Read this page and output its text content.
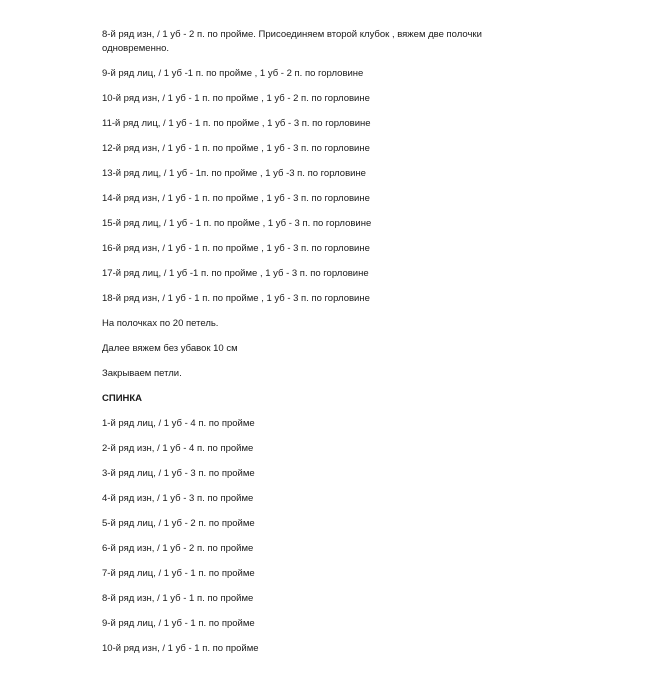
8-й ряд изн, / 1 уб - 2 п. по пройме. Присоединяем второй клубок , вяжем две полочки одновременно.
9-й ряд лиц, / 1 уб -1 п. по пройме , 1 уб - 2 п. по горловине
10-й ряд изн, / 1 уб - 1 п. по пройме , 1 уб - 2 п. по горловине
11-й ряд лиц, / 1 уб - 1 п. по пройме , 1 уб - 3 п. по горловине
12-й ряд изн, / 1 уб - 1 п. по пройме , 1 уб - 3 п. по горловине
13-й ряд лиц, / 1 уб - 1п. по пройме , 1 уб -3 п. по горловине
14-й ряд изн, / 1 уб - 1 п. по пройме , 1 уб - 3 п. по горловине
15-й ряд лиц, / 1 уб - 1 п. по пройме , 1 уб - 3 п. по горловине
16-й ряд изн, / 1 уб - 1 п. по пройме , 1 уб - 3 п. по горловине
17-й ряд лиц, / 1 уб -1 п. по пройме , 1 уб - 3 п. по горловине
18-й ряд изн, / 1 уб - 1 п. по пройме , 1 уб - 3 п. по горловине
На полочках по 20 петель.
Далее вяжем без убавок 10 см
Закрываем петли.
СПИНКА
1-й ряд лиц, / 1 уб - 4 п. по пройме
2-й ряд изн, / 1 уб - 4 п. по пройме
3-й ряд лиц, / 1 уб - 3 п. по пройме
4-й ряд изн, / 1 уб - 3 п. по пройме
5-й ряд лиц, / 1 уб - 2 п. по пройме
6-й ряд изн, / 1 уб - 2 п. по пройме
7-й ряд лиц, / 1 уб - 1 п. по пройме
8-й ряд изн, / 1 уб - 1 п. по пройме
9-й ряд лиц, / 1 уб - 1 п. по пройме
10-й ряд изн, / 1 уб - 1 п. по пройме
